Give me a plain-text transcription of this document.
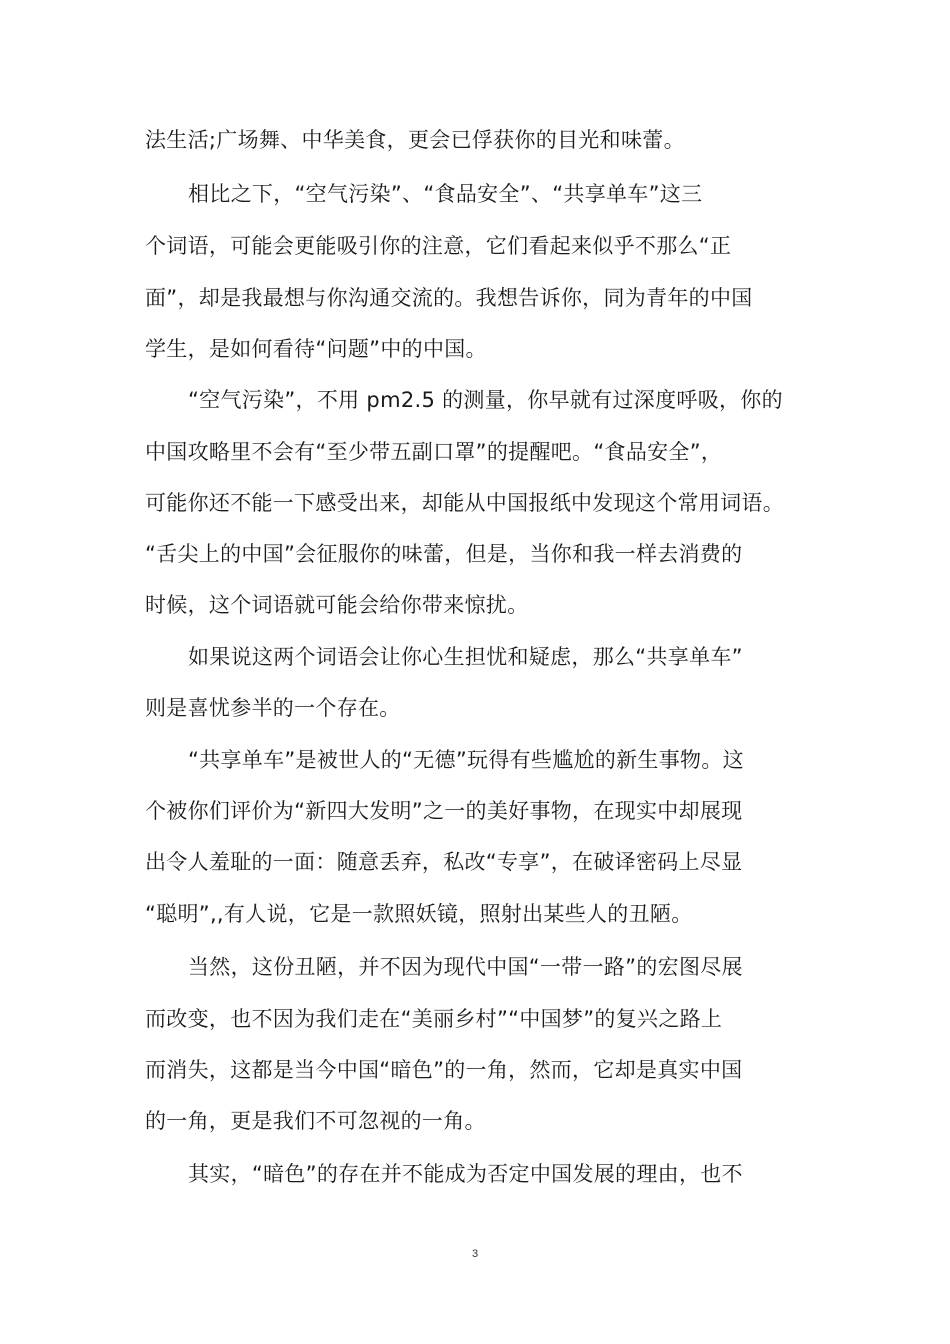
法生活;广场舞、中华美食，更会已俘获你的目光和味蕾。
相比之下，“空气污染”、“食品安全”、“共享单车”这三
个词语，可能会更能吸引你的注意，它们看起来似乎不那么“正
面”，却是我最想与你沟通交流的。我想告诉你，同为青年的中国
学生，是如何看待“问题”中的中国。
“空气污染”，不用 pm2.5 的测量，你早就有过深度呼吸，你的
中国攻略里不会有“至少带五副口罩”的提醒吧。“食品安全”，
可能你还不能一下感受出来，却能从中国报纸中发现这个常用词语。
“舌尖上的中国”会征服你的味蕾，但是，当你和我一样去消费的
时候，这个词语就可能会给你带来惊扰。
如果说这两个词语会让你心生担忧和疑虑，那么“共享单车”
则是喜忧参半的一个存在。
“共享单车”是被世人的“无德”玩得有些尴尬的新生事物。这
个被你们评价为“新四大发明”之一的美好事物，在现实中却展现
出令人羞耻的一面：随意丢弃，私改“专享”，在破译密码上尽显
“聪明”,,有人说，它是一款照妖镜，照射出某些人的丑陋。
当然，这份丑陋，并不因为现代中国“一带一路”的宏图尽展
而改变，也不因为我们走在“美丽乡村”“中国梦”的复兴之路上
而消失，这都是当今中国“暗色”的一角，然而，它却是真实中国
的一角，更是我们不可忽视的一角。
其实，“暗色”的存在并不能成为否定中国发展的理由，也不
3
